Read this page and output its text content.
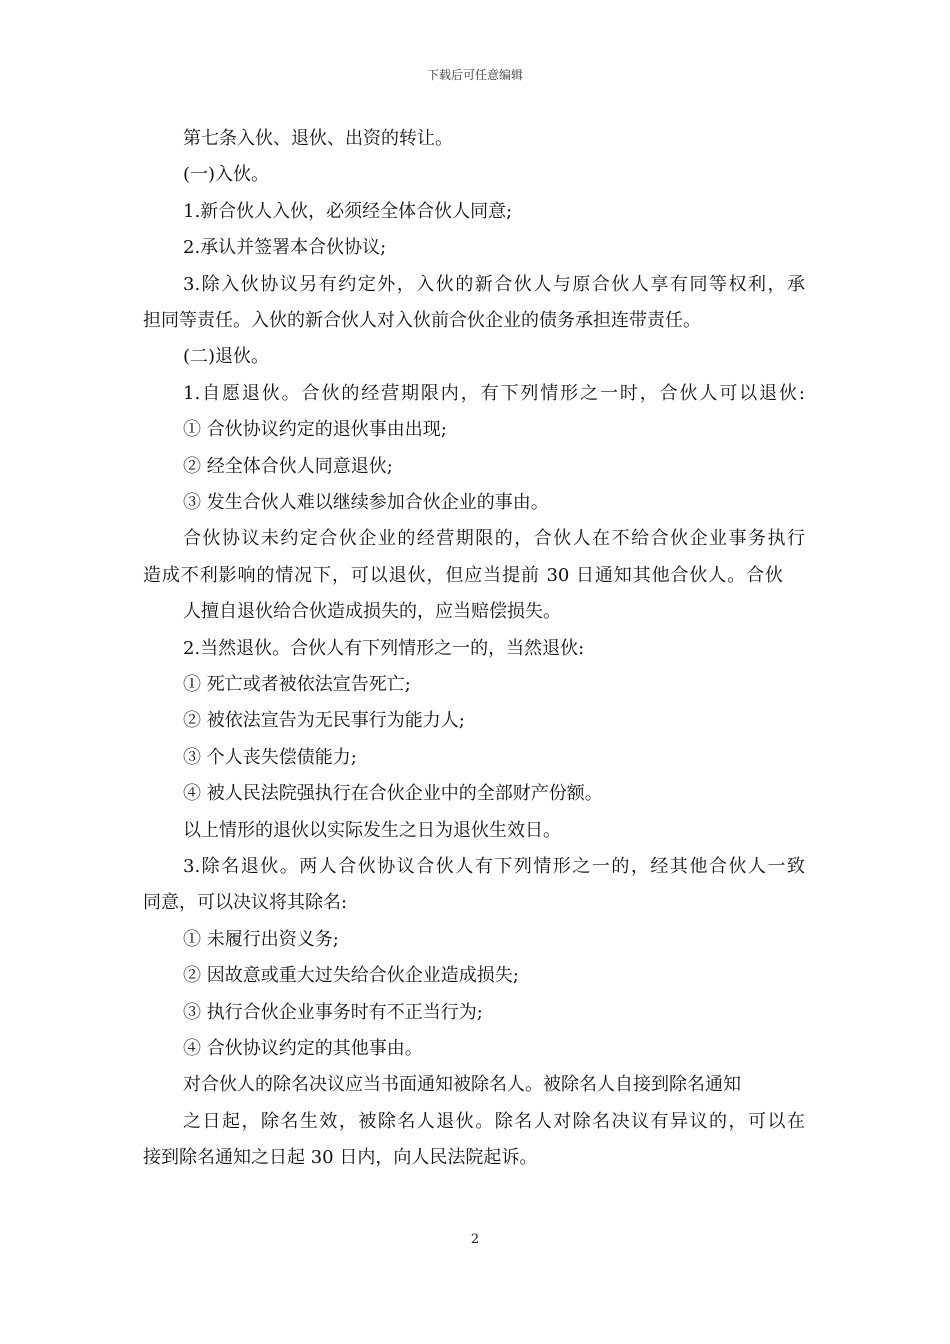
下载后可任意编辑
第七条入伙、退伙、出资的转让。
(一)入伙。
1.新合伙人入伙，必须经全体合伙人同意;
2.承认并签署本合伙协议;
3.除入伙协议另有约定外，入伙的新合伙人与原合伙人享有同等权利，承
担同等责任。入伙的新合伙人对入伙前合伙企业的债务承担连带责任。
(二)退伙。
1.自愿退伙。合伙的经营期限内，有下列情形之一时，合伙人可以退伙:
① 合伙协议约定的退伙事由出现;
② 经全体合伙人同意退伙;
③ 发生合伙人难以继续参加合伙企业的事由。
合伙协议未约定合伙企业的经营期限的，合伙人在不给合伙企业事务执行
造成不利影响的情况下，可以退伙，但应当提前 30 日通知其他合伙人。合伙
人擅自退伙给合伙造成损失的，应当赔偿损失。
2.当然退伙。合伙人有下列情形之一的，当然退伙:
① 死亡或者被依法宣告死亡;
② 被依法宣告为无民事行为能力人;
③ 个人丧失偿债能力;
④ 被人民法院强执行在合伙企业中的全部财产份额。
以上情形的退伙以实际发生之日为退伙生效日。
3.除名退伙。两人合伙协议合伙人有下列情形之一的，经其他合伙人一致
同意，可以决议将其除名:
① 未履行出资义务;
② 因故意或重大过失给合伙企业造成损失;
③ 执行合伙企业事务时有不正当行为;
④ 合伙协议约定的其他事由。
对合伙人的除名决议应当书面通知被除名人。被除名人自接到除名通知
之日起，除名生效，被除名人退伙。除名人对除名决议有异议的，可以在
接到除名通知之日起 30 日内，向人民法院起诉。
2
